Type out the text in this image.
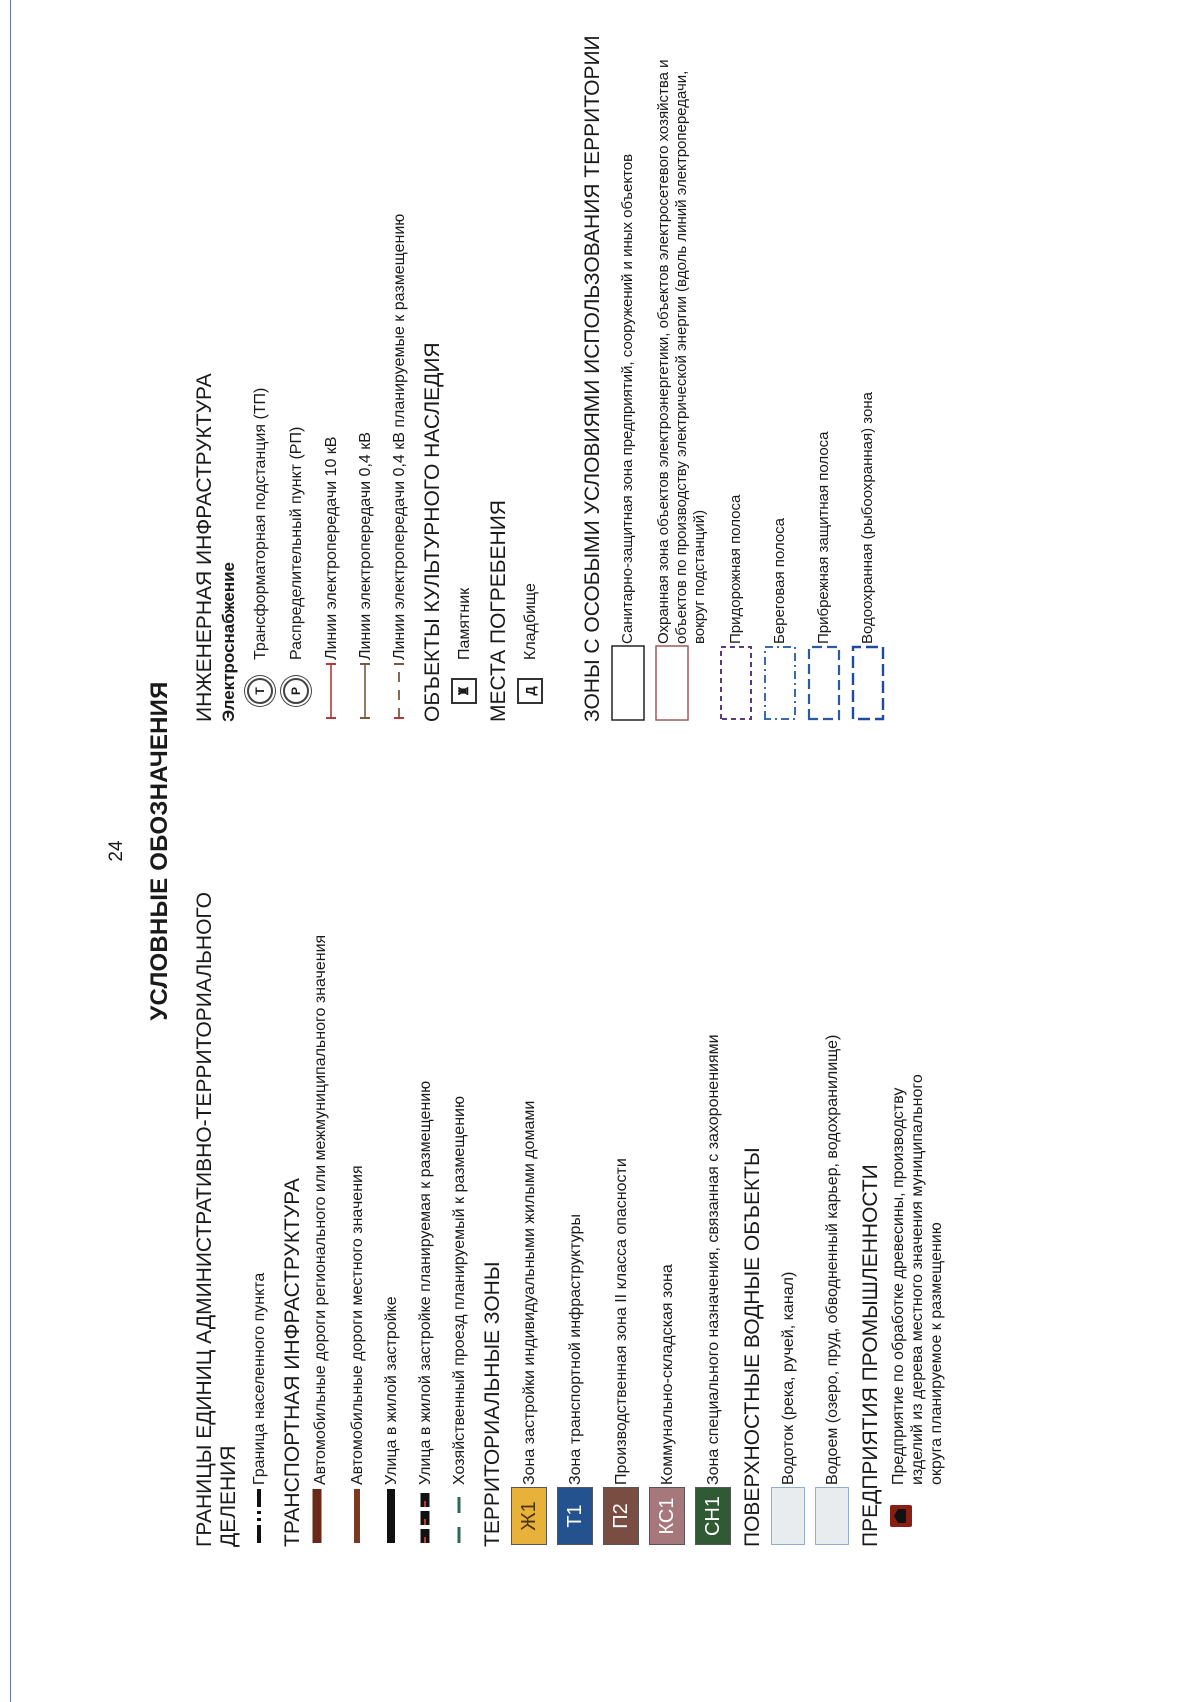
24 УСЛОВНЫЕ ОБОЗНАЧЕНИЯ
ГРАНИЦЫ ЕДИНИЦ АДМИНИСТРАТИВНО-ТЕРРИТОРИАЛЬНОГО ДЕЛЕНИЯ
Граница населенного пункта ТРАНСПОРТНАЯ ИНФРАСТРУКТУРА Автомобильные дороги регионального или межмуниципального значения Автомобильные дороги местного значения Улица в жилой застройке Улица в жилой застройке планируемая к размещению Хозяйственный проезд планируемый к размещению ТЕРРИТОРИАЛЬНЫЕ ЗОНЫ Ж1
Зона застройки индивидуальными жилыми домами
Т1
Зона транспортной инфраструктуры
П2
Производственная зона II класса опасности
КС1
Коммунально-складская зона
СН1
Зона специального назначения, связанная с захоронениями ПОВЕРХНОСТНЫЕ ВОДНЫЕ ОБЪЕКТЫ Водоток (река, ручей, канал) Водоем (озеро, пруд, обводненный карьер, водохранилище) ПРЕДПРИЯТИЯ ПРОМЫШЛЕННОСТИ Предприятие по обработке древесины, производству изделий из дерева местного значения муниципального округа планируемое к размещению
ИНЖЕНЕРНАЯ ИНФРАСТРУКТУРА Электроснабжение	Т
Трансформаторная подстанция (ТП)
Р
Распределительный пункт (РП) Линии электропередачи 10 кВ Линии электропередачи 0,4 кВ Линии электропередачи 0,4 кВ планируемые к размещению ОБЪЕКТЫ КУЛЬТУРНОГО НАСЛЕДИЯ ♜
Памятник МЕСТА ПОГРЕБЕНИЯ Д
Кладбище ЗОНЫ С ОСОБЫМИ УСЛОВИЯМИ ИСПОЛЬЗОВАНИЯ ТЕРРИТОРИИ Санитарно-защитная зона предприятий, сооружений и иных объектов Охранная зона объектов электроэнергетики, объектов электросетевого хозяйства и объектов по производству электрической энергии (вдоль линий электропередачи, вокруг подстанций) Придорожная полоса Береговая полоса Прибрежная защитная полоса Водоохранная (рыбоохранная) зона
